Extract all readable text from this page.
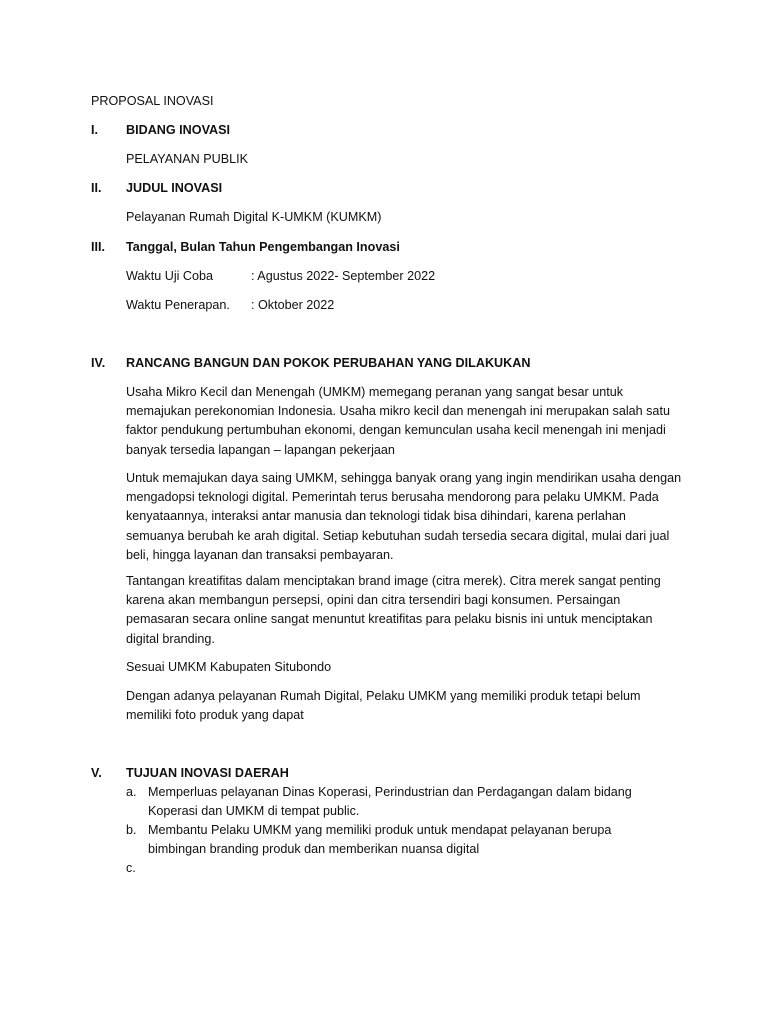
PROPOSAL INOVASI
I. BIDANG INOVASI
PELAYANAN PUBLIK
II. JUDUL INOVASI
Pelayanan Rumah Digital K-UMKM (KUMKM)
III. Tanggal, Bulan Tahun Pengembangan Inovasi
Waktu Uji Coba	: Agustus 2022- September 2022
Waktu Penerapan. : Oktober 2022
IV. RANCANG BANGUN DAN POKOK PERUBAHAN YANG DILAKUKAN
Usaha Mikro Kecil dan Menengah (UMKM) memegang peranan yang sangat besar untuk
memajukan perekonomian Indonesia. Usaha mikro kecil dan menengah ini merupakan salah satu
faktor pendukung pertumbuhan ekonomi, dengan kemunculan usaha kecil menengah ini menjadi
banyak tersedia lapangan – lapangan pekerjaan
Untuk memajukan daya saing UMKM, sehingga banyak orang yang ingin mendirikan usaha dengan
mengadopsi teknologi digital. Pemerintah terus berusaha mendorong para pelaku UMKM. Pada
kenyataannya, interaksi antar manusia dan teknologi tidak bisa dihindari, karena perlahan
semuanya berubah ke arah digital. Setiap kebutuhan sudah tersedia secara digital, mulai dari jual
beli, hingga layanan dan transaksi pembayaran.
Tantangan kreatifitas dalam menciptakan brand image (citra merek). Citra merek sangat penting
karena akan membangun persepsi, opini dan citra tersendiri bagi konsumen. Persaingan
pemasaran secara online sangat menuntut kreatifitas para pelaku bisnis ini untuk menciptakan
digital branding.
Sesuai UMKM Kabupaten Situbondo
Dengan adanya pelayanan Rumah Digital, Pelaku UMKM yang memiliki produk tetapi belum
memiliki foto produk yang dapat
V. TUJUAN INOVASI DAERAH
a. Memperluas pelayanan Dinas Koperasi, Perindustrian dan Perdagangan dalam bidang
Koperasi dan UMKM di tempat public.
b. Membantu Pelaku UMKM yang memiliki produk untuk mendapat pelayanan berupa
bimbingan branding produk dan memberikan nuansa digital
c.
